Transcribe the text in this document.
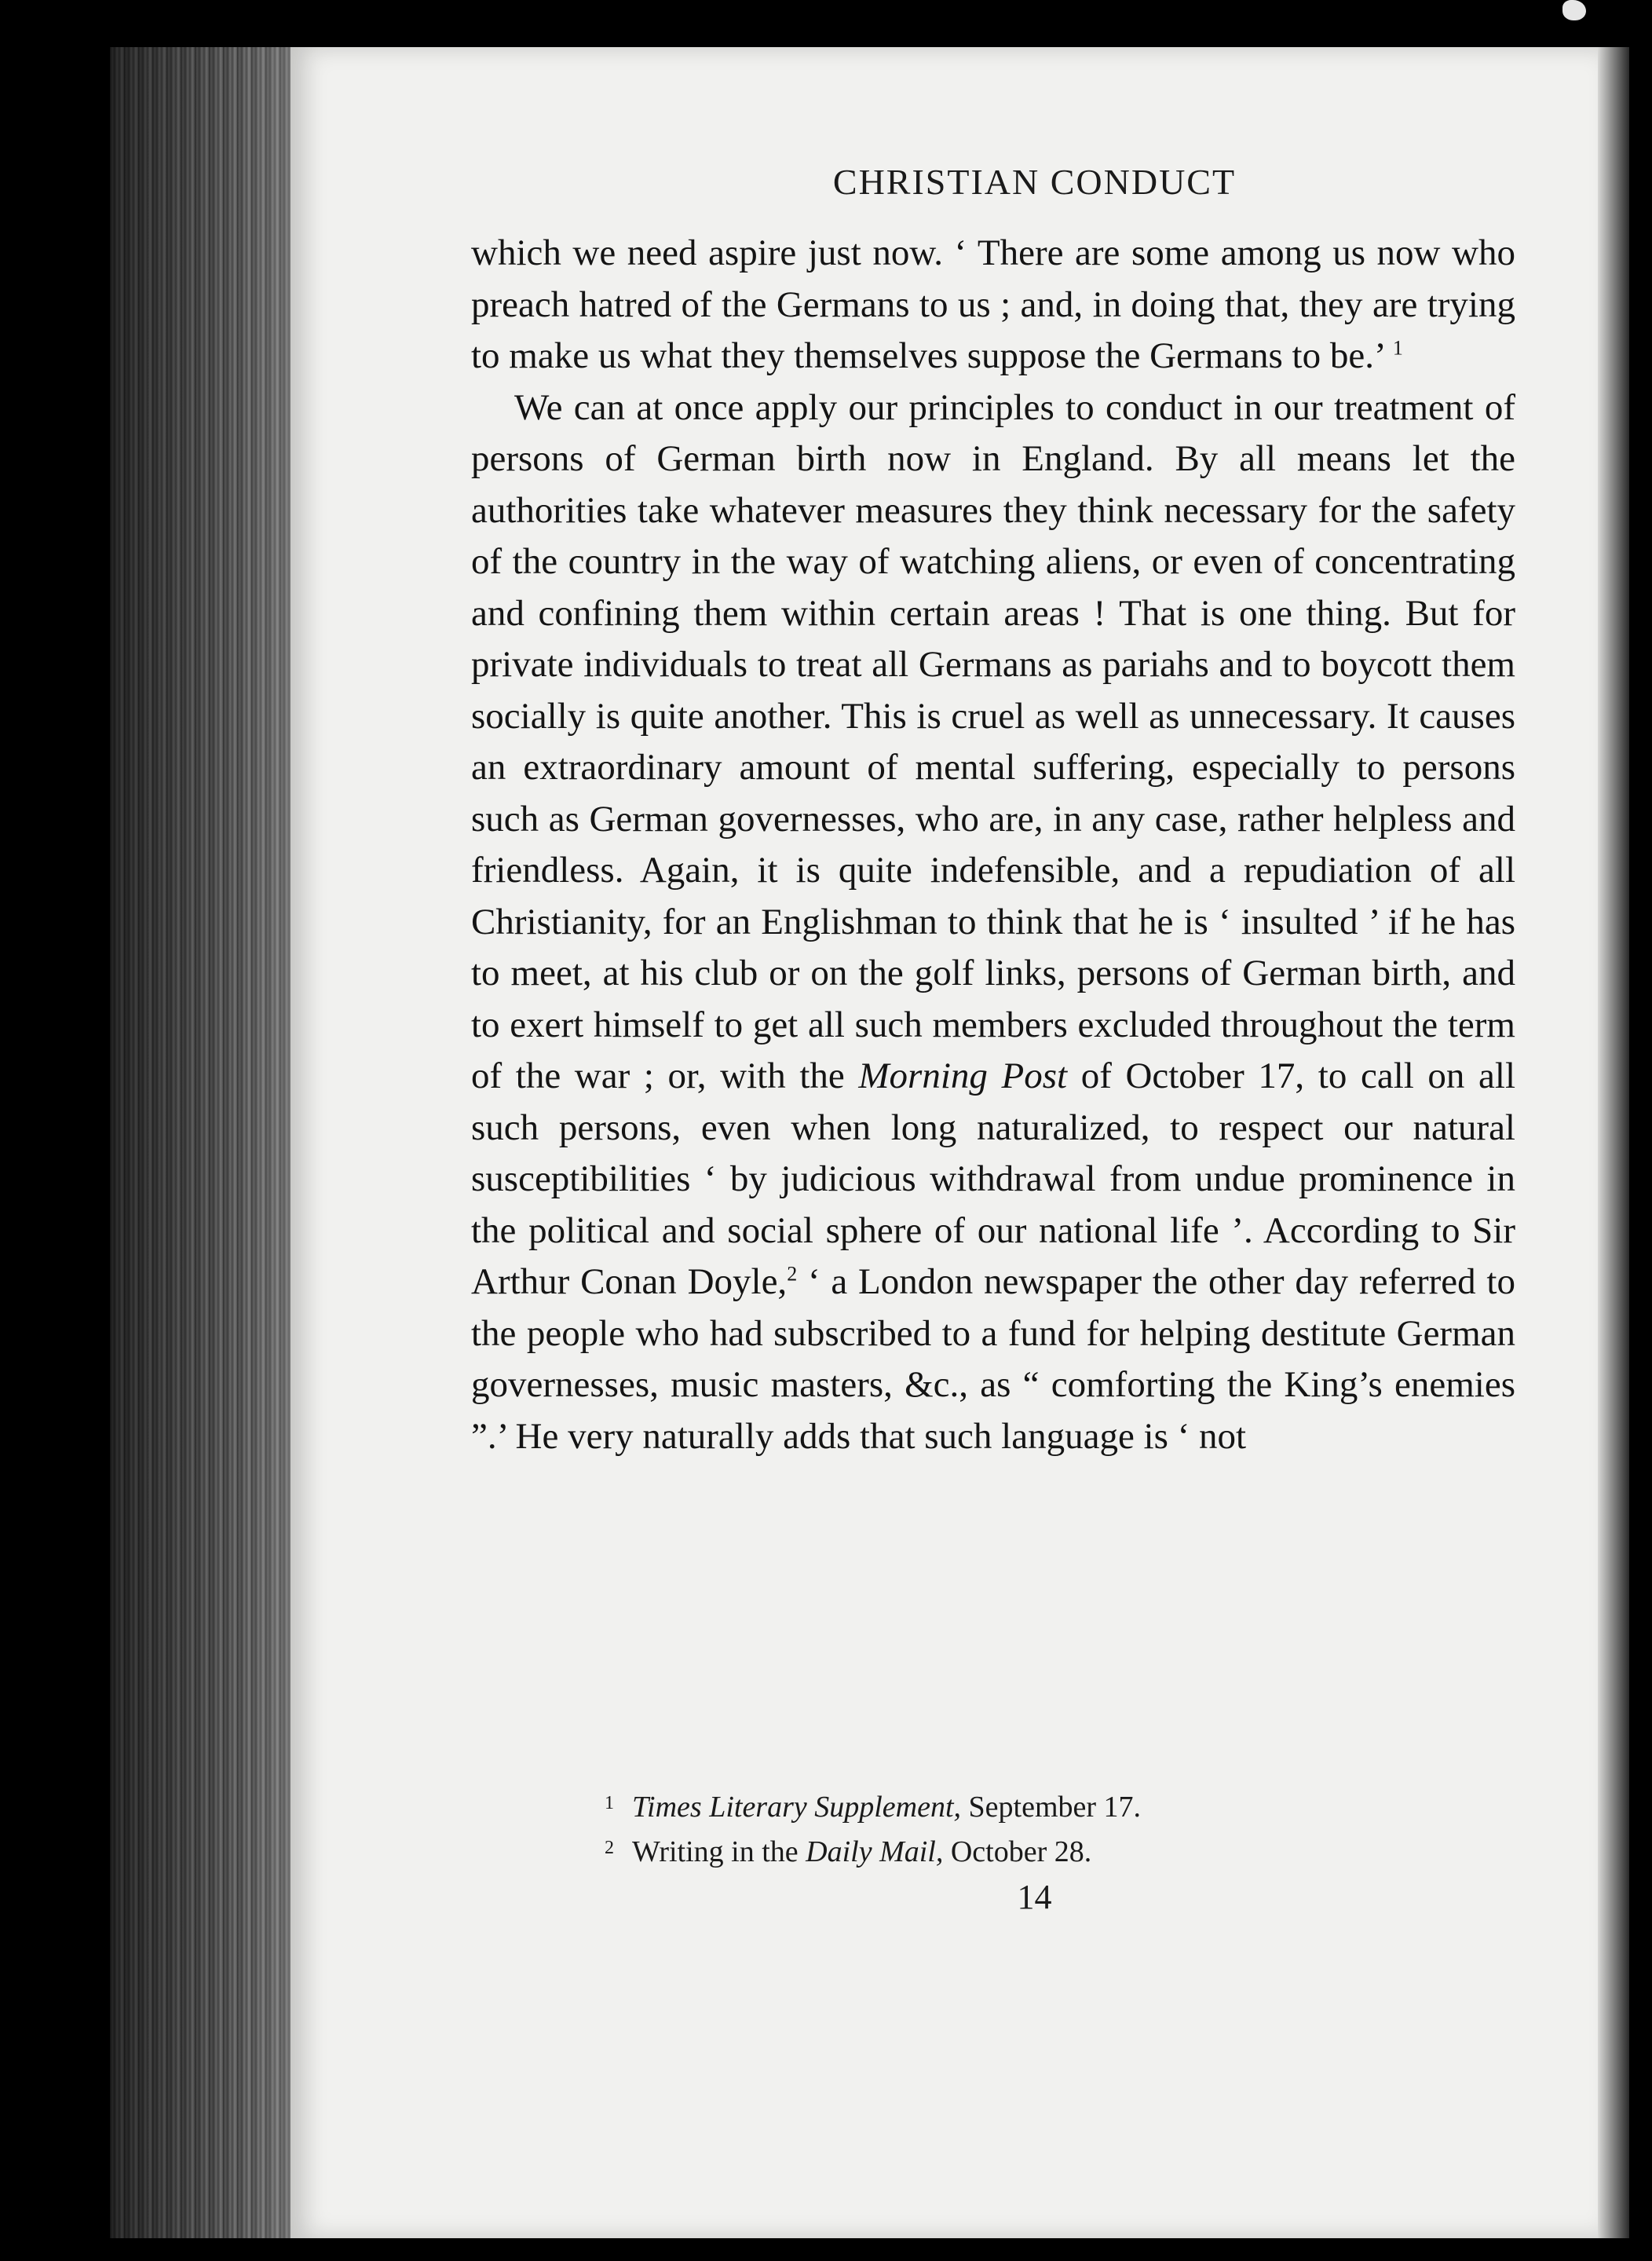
CHRISTIAN CONDUCT

which we need aspire just now. ‘ There are some among us now who preach hatred of the Germans to us ; and, in doing that, they are trying to make us what they themselves suppose the Germans to be.’ $^1$

We can at once apply our principles to conduct in our treatment of persons of German birth now in England. By all means let the authorities take whatever measures they think necessary for the safety of the country in the way of watching aliens, or even of concentrating and confining them within certain areas ! That is one thing. But for private individuals to treat all Germans as pariahs and to boycott them socially is quite another. This is cruel as well as unnecessary. It causes an extraordinary amount of mental suffering, especially to persons such as German governesses, who are, in any case, rather helpless and friendless. Again, it is quite indefensible, and a repudiation of all Christianity, for an Englishman to think that he is ‘ insulted ’ if he has to meet, at his club or on the golf links, persons of German birth, and to exert himself to get all such members excluded throughout the term of the war ; or, with the Morning Post of October 17, to call on all such persons, even when long naturalized, to respect our natural susceptibilities ‘ by judicious withdrawal from undue prominence in the political and social sphere of our national life ’. According to Sir Arthur Conan Doyle,$^2$ ‘ a London newspaper the other day referred to the people who had subscribed to a fund for helping destitute German governesses, music masters, &c., as “ comforting the King’s enemies ”.’ He very naturally adds that such language is ‘ not

1 Times Literary Supplement, September 17.

2 Writing in the Daily Mail, October 28.

14
